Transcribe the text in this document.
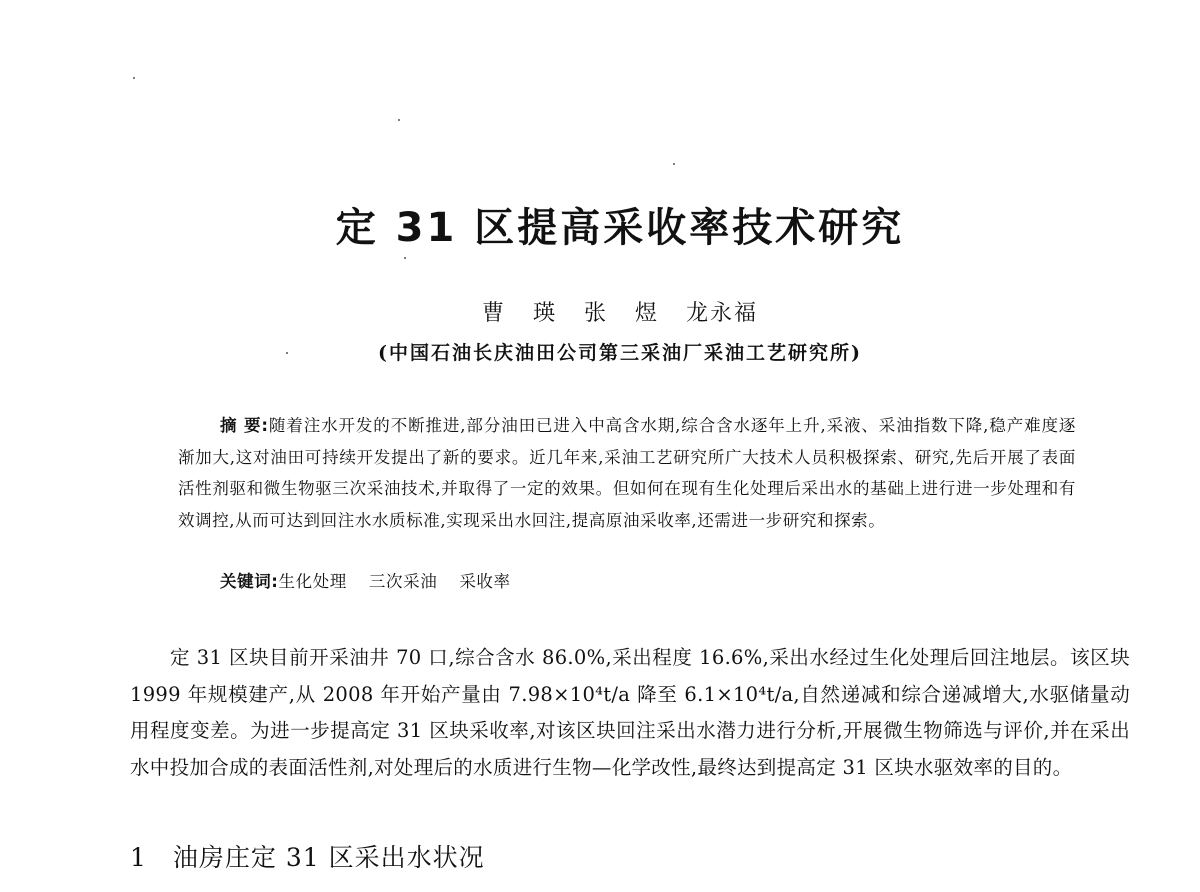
定 31 区提高采收率技术研究
曹 瑛 张 煜 龙永福
(中国石油长庆油田公司第三采油厂采油工艺研究所)
摘 要:随着注水开发的不断推进,部分油田已进入中高含水期,综合含水逐年上升,采液、采油指数下降,稳产难度逐渐加大,这对油田可持续开发提出了新的要求。近几年来,采油工艺研究所广大技术人员积极探索、研究,先后开展了表面活性剂驱和微生物驱三次采油技术,并取得了一定的效果。但如何在现有生化处理后采出水的基础上进行进一步处理和有效调控,从而可达到回注水水质标准,实现采出水回注,提高原油采收率,还需进一步研究和探索。
关键词:生化处理 三次采油 采收率
定 31 区块目前开采油井 70 口,综合含水 86.0%,采出程度 16.6%,采出水经过生化处理后回注地层。该区块 1999 年规模建产,从 2008 年开始产量由 7.98×10⁴t/a 降至 6.1×10⁴t/a,自然递减和综合递减增大,水驱储量动用程度变差。为进一步提高定 31 区块采收率,对该区块回注采出水潜力进行分析,开展微生物筛选与评价,并在采出水中投加合成的表面活性剂,对处理后的水质进行生物—化学改性,最终达到提高定 31 区块水驱效率的目的。
1 油房庄定 31 区采出水状况
